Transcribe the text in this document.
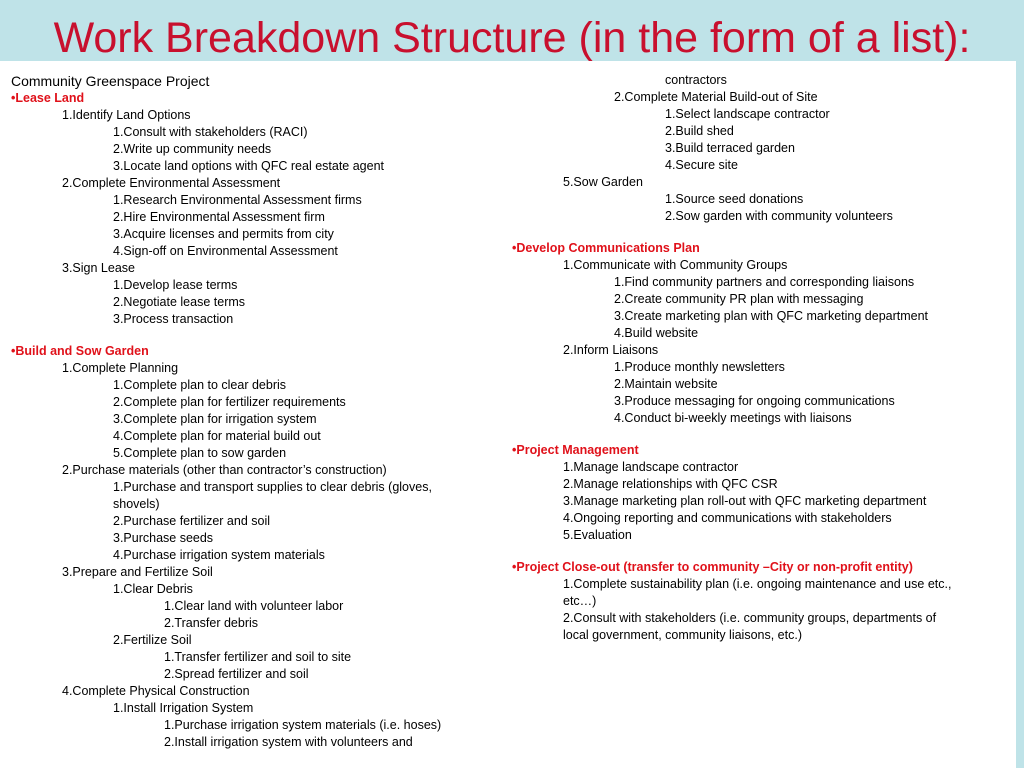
Work Breakdown Structure (in the form of a list):
Community Greenspace Project
•Lease Land
1.Identify Land Options
1.Consult with stakeholders (RACI)
2.Write up community needs
3.Locate land options with QFC real estate agent
2.Complete Environmental Assessment
1.Research Environmental Assessment firms
2.Hire Environmental Assessment firm
3.Acquire licenses and permits from city
4.Sign-off on Environmental Assessment
3.Sign Lease
1.Develop lease terms
2.Negotiate lease terms
3.Process transaction
•Build and Sow Garden
1.Complete Planning
1.Complete plan to clear debris
2.Complete plan for fertilizer requirements
3.Complete plan for irrigation system
4.Complete plan for material build out
5.Complete plan to sow garden
2.Purchase materials (other than contractor’s construction)
1.Purchase and transport supplies to clear debris (gloves,
shovels)
2.Purchase fertilizer and soil
3.Purchase seeds
4.Purchase irrigation system materials
3.Prepare and Fertilize Soil
1.Clear Debris
1.Clear land with volunteer labor
2.Transfer debris
2.Fertilize Soil
1.Transfer fertilizer and soil to site
2.Spread fertilizer and soil
4.Complete Physical Construction
1.Install Irrigation System
1.Purchase irrigation system materials (i.e. hoses)
2.Install irrigation system with volunteers and
contractors
2.Complete Material Build-out of Site
1.Select landscape contractor
2.Build shed
3.Build terraced garden
4.Secure site
5.Sow Garden
1.Source seed donations
2.Sow garden with community volunteers
•Develop Communications Plan
1.Communicate with Community Groups
1.Find community partners and corresponding liaisons
2.Create community PR plan with messaging
3.Create marketing plan with QFC marketing department
4.Build website
2.Inform Liaisons
1.Produce monthly newsletters
2.Maintain website
3.Produce messaging for ongoing communications
4.Conduct bi-weekly meetings with liaisons
•Project Management
1.Manage landscape contractor
2.Manage relationships with QFC CSR
3.Manage marketing plan roll-out with QFC marketing department
4.Ongoing reporting and communications with stakeholders
5.Evaluation
•Project Close-out (transfer to community –City or non-profit entity)
1.Complete sustainability plan (i.e. ongoing maintenance and use etc.,
etc…)
2.Consult with stakeholders (i.e. community groups, departments of
local government, community liaisons, etc.)
